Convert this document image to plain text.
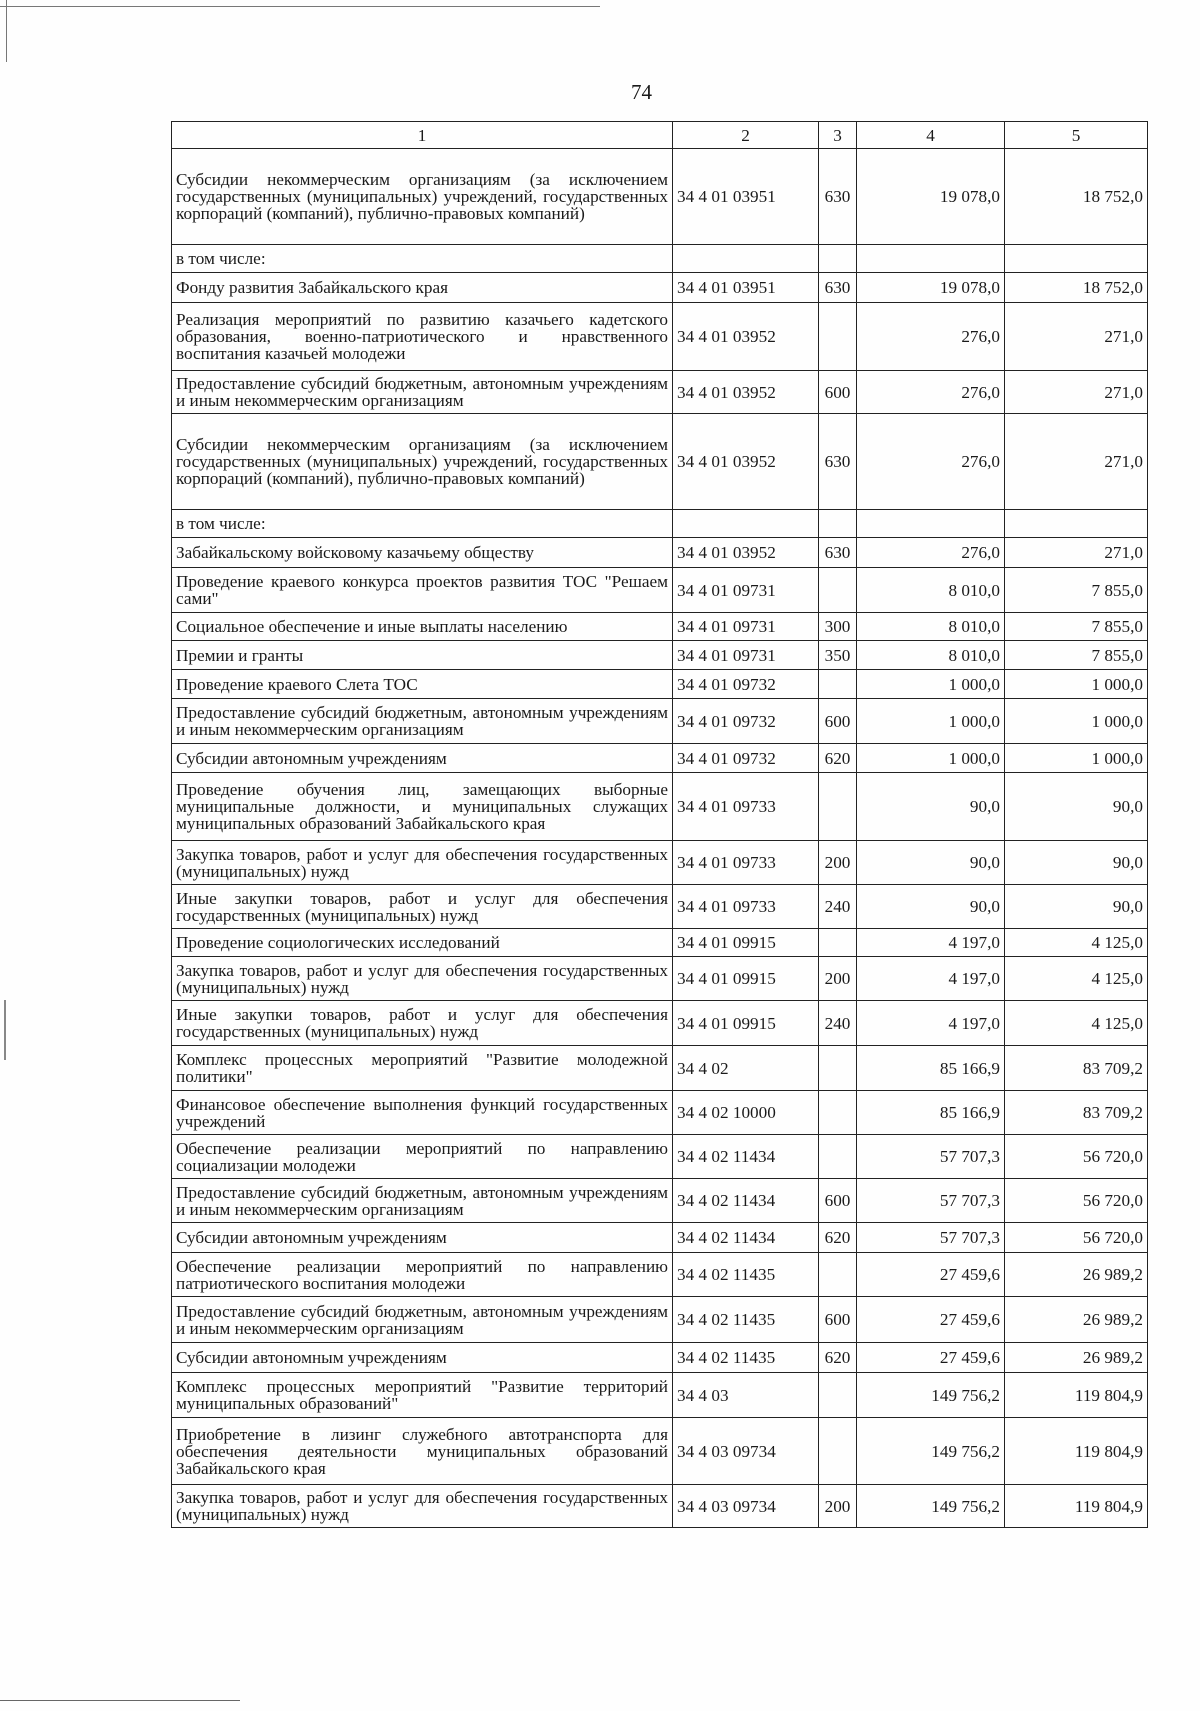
74
1	2	3	4	5
Субсидии некоммерческим организациям (за исключением государственных (муниципальных) учреждений, государственных корпораций (компаний), публично-правовых компаний)	34 4 01 03951	630	19 078,0	18 752,0
в том числе:				
Фонду развития Забайкальского края	34 4 01 03951	630	19 078,0	18 752,0
Реализация мероприятий по развитию казачьего кадетского образования, военно-патриотического и нравственного воспитания казачьей молодежи	34 4 01 03952		276,0	271,0
Предоставление субсидий бюджетным, автономным учреждениям и иным некоммерческим организациям	34 4 01 03952	600	276,0	271,0
Субсидии некоммерческим организациям (за исключением государственных (муниципальных) учреждений, государственных корпораций (компаний), публично-правовых компаний)	34 4 01 03952	630	276,0	271,0
в том числе:				
Забайкальскому войсковому казачьему обществу	34 4 01 03952	630	276,0	271,0
Проведение краевого конкурса проектов развития ТОС "Решаем сами"	34 4 01 09731		8 010,0	7 855,0
Социальное обеспечение и иные выплаты населению	34 4 01 09731	300	8 010,0	7 855,0
Премии и гранты	34 4 01 09731	350	8 010,0	7 855,0
Проведение краевого Слета ТОС	34 4 01 09732		1 000,0	1 000,0
Предоставление субсидий бюджетным, автономным учреждениям и иным некоммерческим организациям	34 4 01 09732	600	1 000,0	1 000,0
Субсидии автономным учреждениям	34 4 01 09732	620	1 000,0	1 000,0
Проведение обучения лиц, замещающих выборные муниципальные должности, и муниципальных служащих муниципальных образований Забайкальского края	34 4 01 09733		90,0	90,0
Закупка товаров, работ и услуг для обеспечения государственных (муниципальных) нужд	34 4 01 09733	200	90,0	90,0
Иные закупки товаров, работ и услуг для обеспечения государственных (муниципальных) нужд	34 4 01 09733	240	90,0	90,0
Проведение социологических исследований	34 4 01 09915		4 197,0	4 125,0
Закупка товаров, работ и услуг для обеспечения государственных (муниципальных) нужд	34 4 01 09915	200	4 197,0	4 125,0
Иные закупки товаров, работ и услуг для обеспечения государственных (муниципальных) нужд	34 4 01 09915	240	4 197,0	4 125,0
Комплекс процессных мероприятий "Развитие молодежной политики"	34 4 02		85 166,9	83 709,2
Финансовое обеспечение выполнения функций государственных учреждений	34 4 02 10000		85 166,9	83 709,2
Обеспечение реализации мероприятий по направлению социализации молодежи	34 4 02 11434		57 707,3	56 720,0
Предоставление субсидий бюджетным, автономным учреждениям и иным некоммерческим организациям	34 4 02 11434	600	57 707,3	56 720,0
Субсидии автономным учреждениям	34 4 02 11434	620	57 707,3	56 720,0
Обеспечение реализации мероприятий по направлению патриотического воспитания молодежи	34 4 02 11435		27 459,6	26 989,2
Предоставление субсидий бюджетным, автономным учреждениям и иным некоммерческим организациям	34 4 02 11435	600	27 459,6	26 989,2
Субсидии автономным учреждениям	34 4 02 11435	620	27 459,6	26 989,2
Комплекс процессных мероприятий "Развитие территорий муниципальных образований"	34 4 03		149 756,2	119 804,9
Приобретение в лизинг служебного автотранспорта для обеспечения деятельности муниципальных образований Забайкальского края	34 4 03 09734		149 756,2	119 804,9
Закупка товаров, работ и услуг для обеспечения государственных (муниципальных) нужд	34 4 03 09734	200	149 756,2	119 804,9
